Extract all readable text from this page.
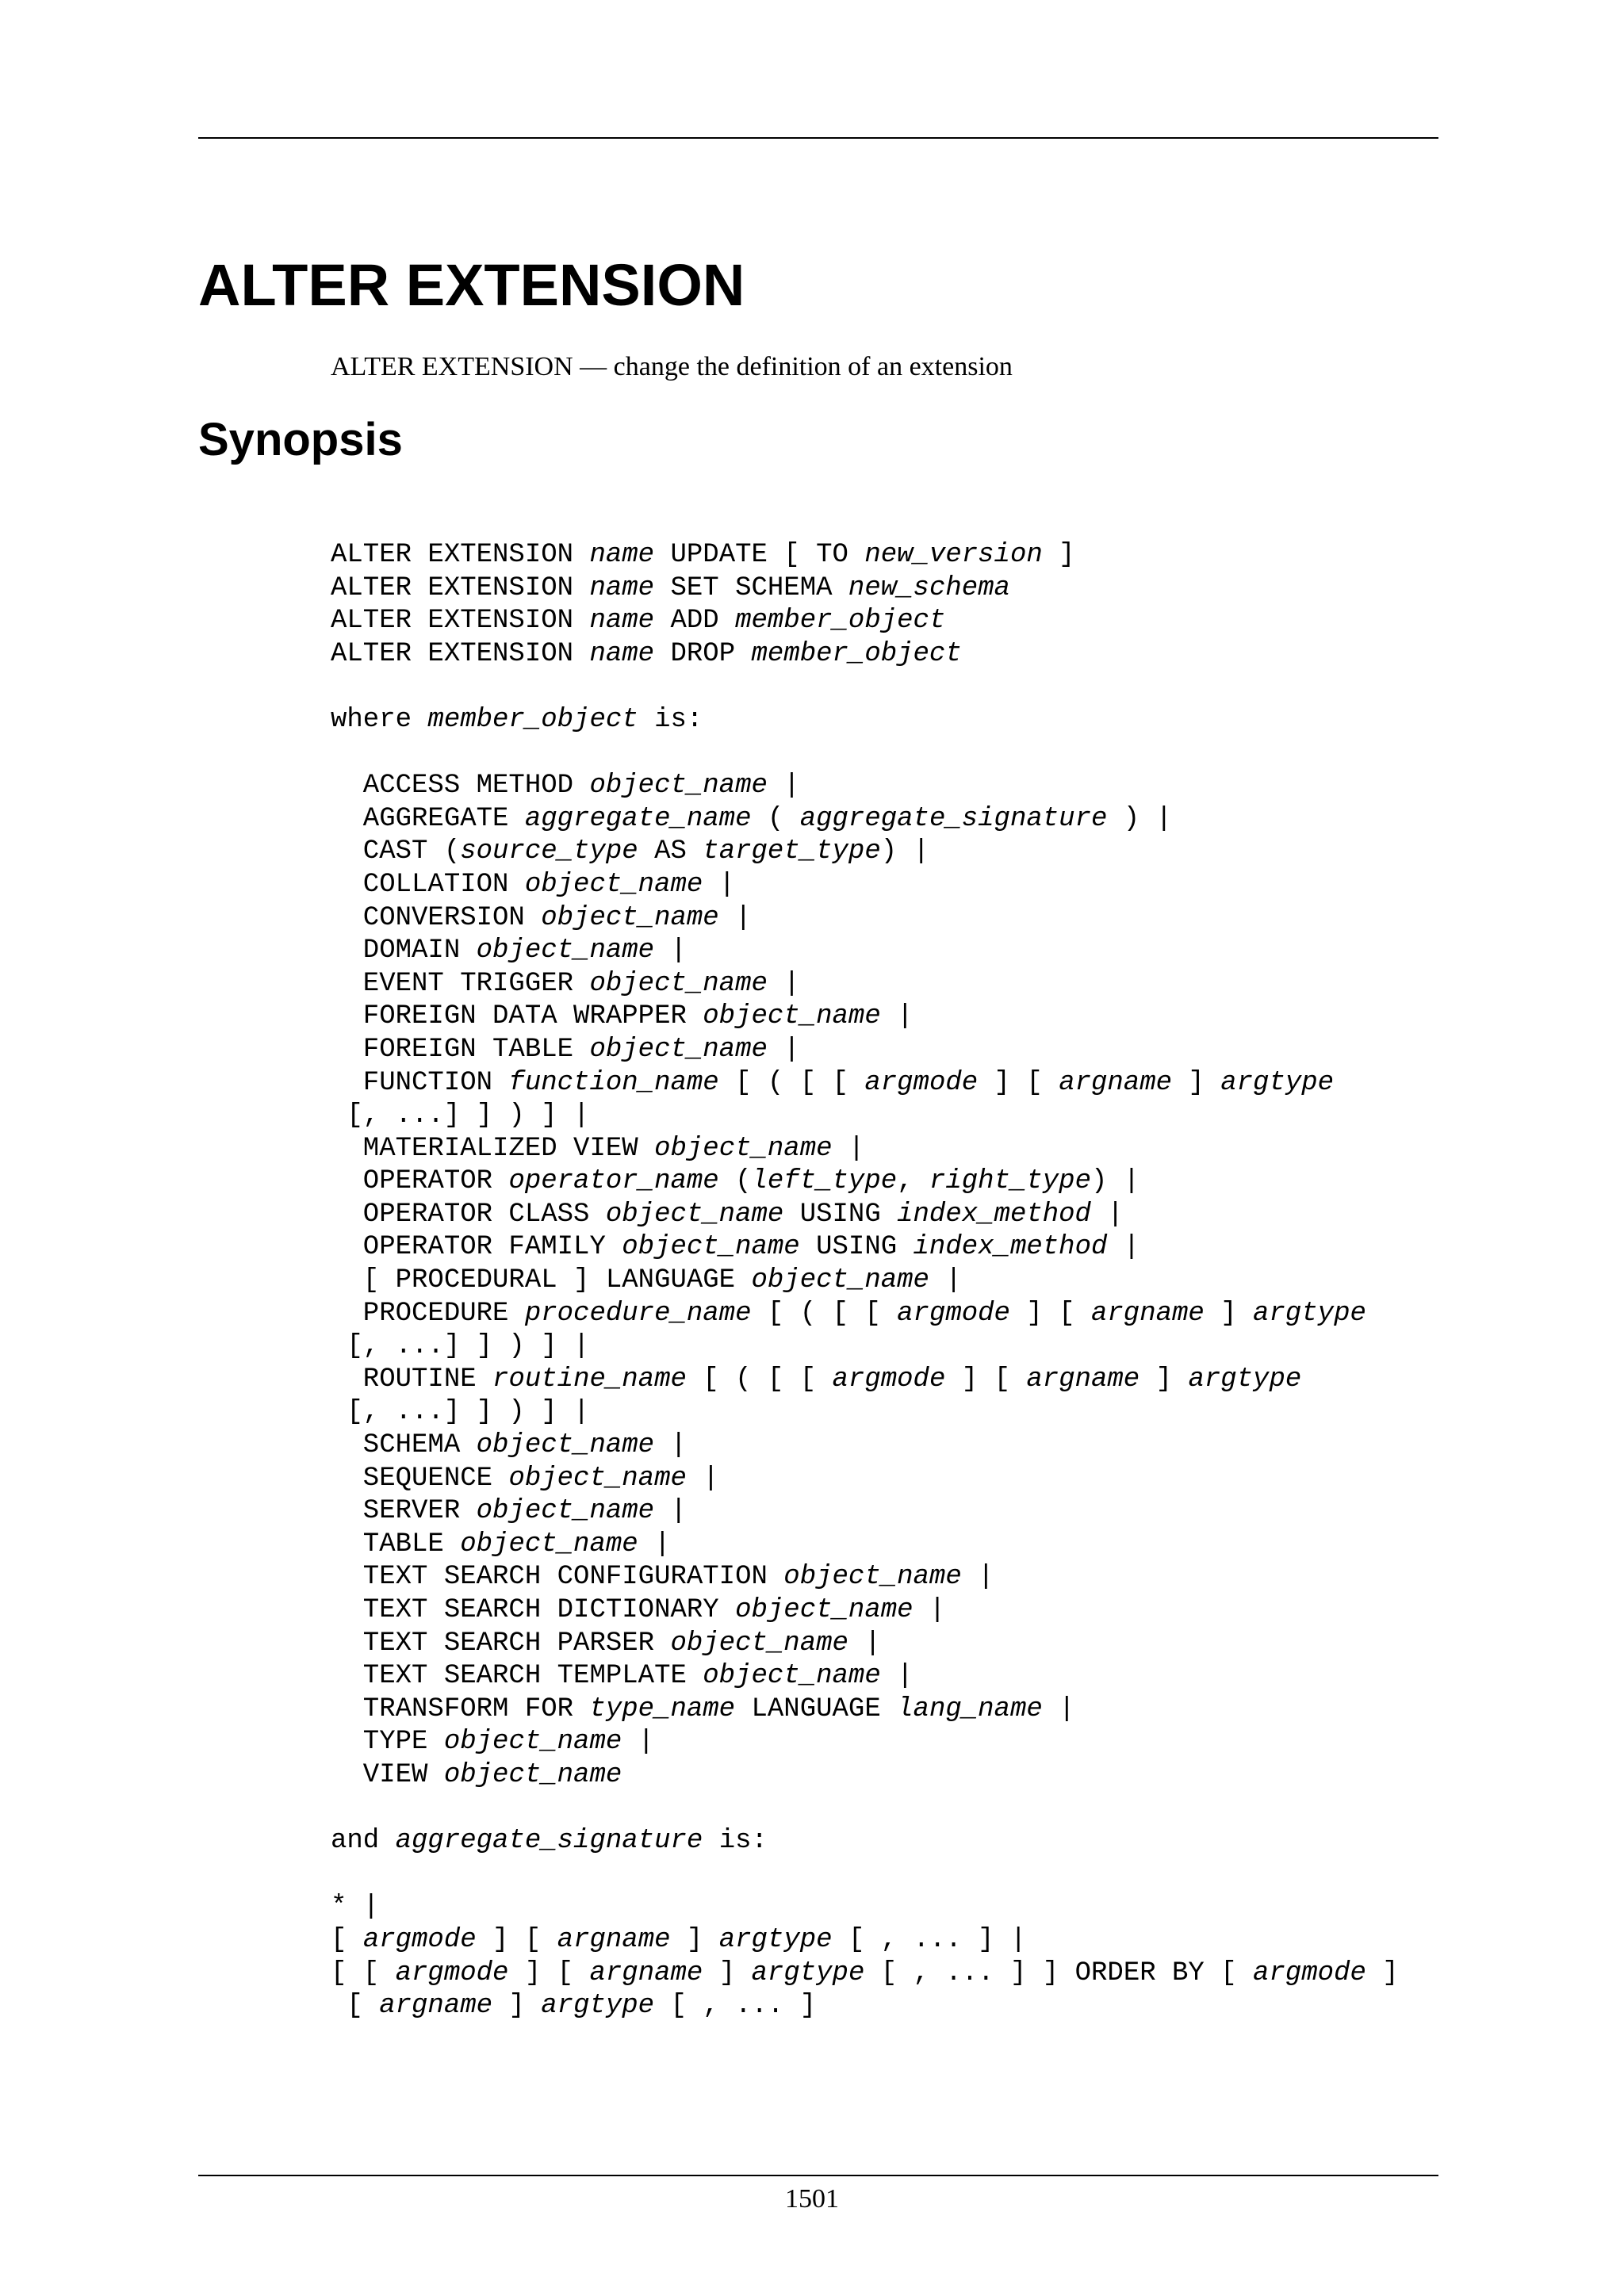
ALTER EXTENSION

ALTER EXTENSION — change the definition of an extension

Synopsis
ALTER EXTENSION name UPDATE [ TO new_version ]
ALTER EXTENSION name SET SCHEMA new_schema
ALTER EXTENSION name ADD member_object
ALTER EXTENSION name DROP member_object
where member_object is:
ACCESS METHOD object_name |
AGGREGATE aggregate_name ( aggregate_signature ) |
CAST (source_type AS target_type) |
COLLATION object_name |
CONVERSION object_name |
DOMAIN object_name |
EVENT TRIGGER object_name |
FOREIGN DATA WRAPPER object_name |
FOREIGN TABLE object_name |
FUNCTION function_name [ ( [ [ argmode ] [ argname ] argtype
[, ...] ] ) ] |
MATERIALIZED VIEW object_name |
OPERATOR operator_name (left_type, right_type) |
OPERATOR CLASS object_name USING index_method |
OPERATOR FAMILY object_name USING index_method |
[ PROCEDURAL ] LANGUAGE object_name |
PROCEDURE procedure_name [ ( [ [ argmode ] [ argname ] argtype
[, ...] ] ) ] |
ROUTINE routine_name [ ( [ [ argmode ] [ argname ] argtype
[, ...] ] ) ] |
SCHEMA object_name |
SEQUENCE object_name |
SERVER object_name |
TABLE object_name |
TEXT SEARCH CONFIGURATION object_name |
TEXT SEARCH DICTIONARY object_name |
TEXT SEARCH PARSER object_name |
TEXT SEARCH TEMPLATE object_name |
TRANSFORM FOR type_name LANGUAGE lang_name |
TYPE object_name |
VIEW object_name
and aggregate_signature is:
* |
[ argmode ] [ argname ] argtype [ , ... ] |
[ [ argmode ] [ argname ] argtype [ , ... ] ] ORDER BY [ argmode ]
[ argname ] argtype [ , ... ]
1501
